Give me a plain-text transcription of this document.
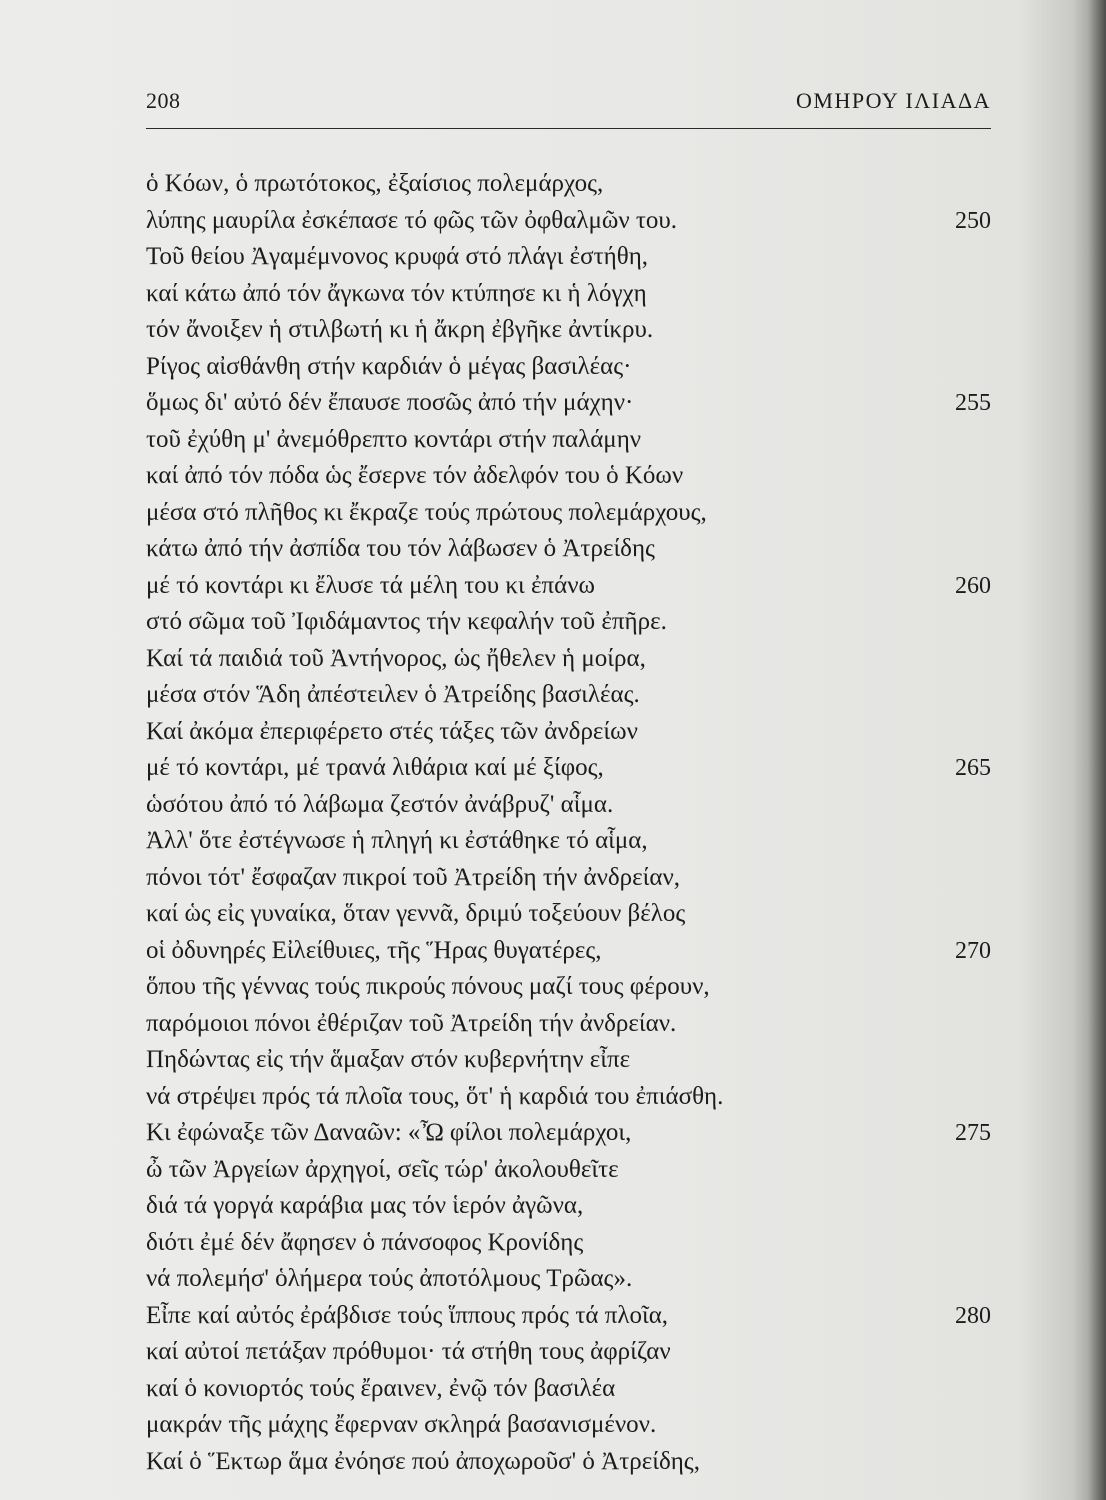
208	ΟΜΗΡΟΥ ΙΛΙΑΔΑ
ὁ Κόων, ὁ πρωτότοκος, ἐξαίσιος πολεμάρχος,
λύπης μαυρίλα ἐσκέπασε τό φῶς τῶν ὀφθαλμῶν του.	250
Τοῦ θείου Ἀγαμέμνονος κρυφά στό πλάγι ἐστήθη,
καί κάτω ἀπό τόν ἄγκωνα τόν κτύπησε κι ἡ λόγχη
τόν ἄνοιξεν ἡ στιλβωτή κι ἡ ἄκρη ἐβγῆκε ἀντίκρυ.
Ρίγος αἰσθάνθη στήν καρδιάν ὁ μέγας βασιλέας·
ὅμως δι' αὐτό δέν ἔπαυσε ποσῶς ἀπό τήν μάχην·	255
τοῦ ἐχύθη μ' ἀνεμόθρεπτο κοντάρι στήν παλάμην
καί ἀπό τόν πόδα ὡς ἔσερνε τόν ἀδελφόν του ὁ Κόων
μέσα στό πλῆθος κι ἔκραζε τούς πρώτους πολεμάρχους,
κάτω ἀπό τήν ἀσπίδα του τόν λάβωσεν ὁ Ἀτρείδης
μέ τό κοντάρι κι ἔλυσε τά μέλη του κι ἐπάνω	260
στό σῶμα τοῦ Ἰφιδάμαντος τήν κεφαλήν τοῦ ἐπῆρε.
Καί τά παιδιά τοῦ Ἀντήνορος, ὡς ἤθελεν ἡ μοίρα,
μέσα στόν Ἅδη ἀπέστειλεν ὁ Ἀτρείδης βασιλέας.
Καί ἀκόμα ἐπεριφέρετο στές τάξες τῶν ἀνδρείων
μέ τό κοντάρι, μέ τρανά λιθάρια καί μέ ξίφος,	265
ὡσότου ἀπό τό λάβωμα ζεστόν ἀνάβρυζ' αἷμα.
Ἀλλ' ὅτε ἐστέγνωσε ἡ πληγή κι ἐστάθηκε τό αἷμα,
πόνοι τότ' ἔσφαζαν πικροί τοῦ Ἀτρείδη τήν ἀνδρείαν,
καί ὡς εἰς γυναίκα, ὅταν γεννᾶ, δριμύ τοξεύουν βέλος
οἱ ὀδυνηρές Εἰλείθυιες, τῆς Ἥρας θυγατέρες,	270
ὅπου τῆς γέννας τούς πικρούς πόνους μαζί τους φέρουν,
παρόμοιοι πόνοι ἐθέριζαν τοῦ Ἀτρείδη τήν ἀνδρείαν.
Πηδώντας εἰς τήν ἅμαξαν στόν κυβερνήτην εἶπε
νά στρέψει πρός τά πλοῖα τους, ὅτ' ἡ καρδιά του ἐπιάσθη.
Κι ἐφώναξε τῶν Δαναῶν: «Ὦ φίλοι πολεμάρχοι,	275
ὦ τῶν Ἀργείων ἀρχηγοί, σεῖς τώρ' ἀκολουθεῖτε
διά τά γοργά καράβια μας τόν ἱερόν ἀγῶνα,
διότι ἐμέ δέν ἄφησεν ὁ πάνσοφος Κρονίδης
νά πολεμήσ' ὁλήμερα τούς ἀποτόλμους Τρῶας».
Εἶπε καί αὐτός ἐράβδισε τούς ἵππους πρός τά πλοῖα,	280
καί αὐτοί πετάξαν πρόθυμοι· τά στήθη τους ἀφρίζαν
καί ὁ κονιορτός τούς ἔραινεν, ἐνῷ τόν βασιλέα
μακράν τῆς μάχης ἔφερναν σκληρά βασανισμένον.
Καί ὁ Ἕκτωρ ἅμα ἐνόησε πού ἀποχωροῦσ' ὁ Ἀτρείδης,
